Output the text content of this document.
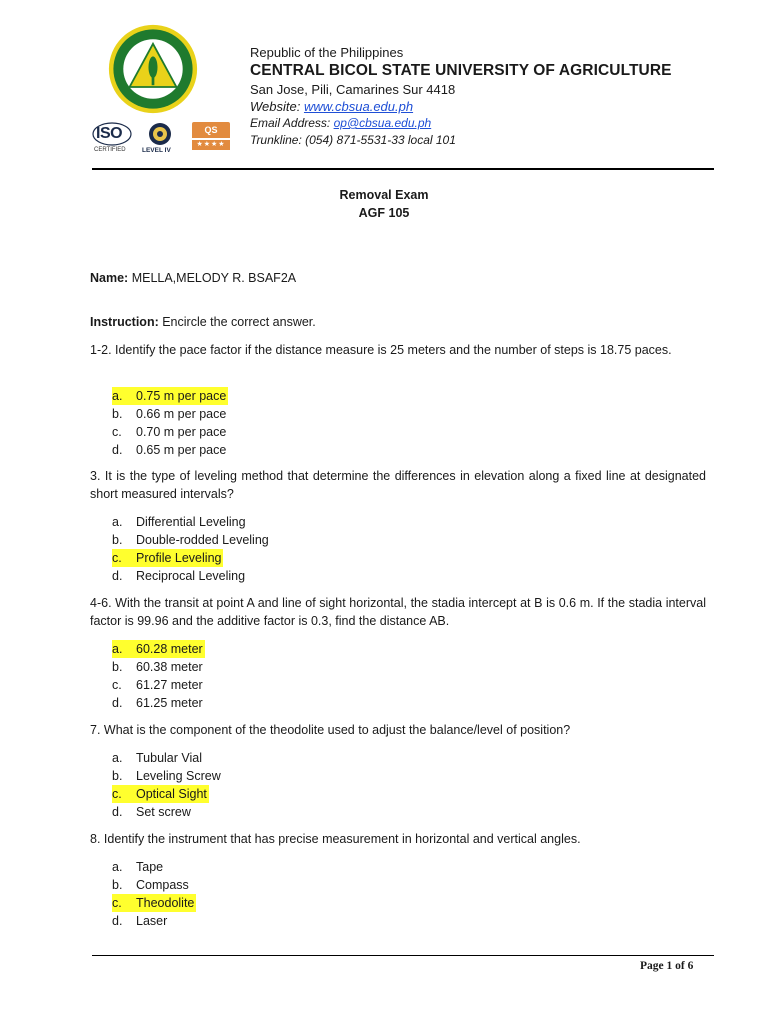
ISO
CERTIFIED	LEVEL IV
QS
★★★★
Republic of the Philippines
CENTRAL BICOL STATE UNIVERSITY OF AGRICULTURE
San Jose, Pili, Camarines Sur 4418
Website: www.cbsua.edu.ph
Email Address: op@cbsua.edu.ph
Trunkline: (054) 871-5531-33 local 101
Removal Exam
AGF 105
Name: MELLA,MELODY R. BSAF2A
Instruction: Encircle the correct answer.
1-2. Identify the pace factor if the distance measure is 25 meters and the number of steps is 18.75 paces.
a. 0.75 m per pace
b. 0.66 m per pace
c. 0.70 m per pace
d. 0.65 m per pace
3. It is the type of leveling method that determine the differences in elevation along a fixed line at designated short measured intervals?
a. Differential Leveling
b. Double-rodded Leveling
c. Profile Leveling
d. Reciprocal Leveling
4-6. With the transit at point A and line of sight horizontal, the stadia intercept at B is 0.6 m. If the stadia interval factor is 99.96 and the additive factor is 0.3, find the distance AB.
a. 60.28 meter
b. 60.38 meter
c. 61.27 meter
d. 61.25 meter
7. What is the component of the theodolite used to adjust the balance/level of position?
a. Tubular Vial
b. Leveling Screw
c. Optical Sight
d. Set screw
8. Identify the instrument that has precise measurement in horizontal and vertical angles.
a. Tape
b. Compass
c. Theodolite
d. Laser
Page 1 of 6
